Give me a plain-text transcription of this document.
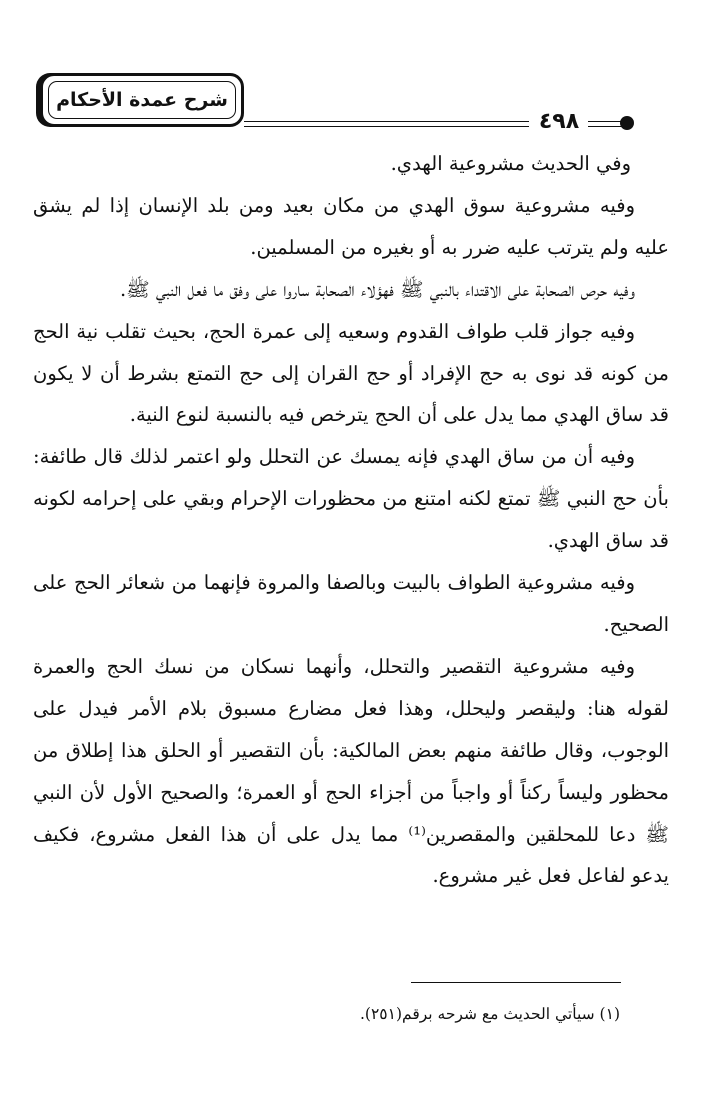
شرح عمدة الأحكام
٤٩٨

وفي الحديث مشروعية الهدي.

وفيه مشروعية سوق الهدي من مكان بعيد ومن بلد الإنسان إذا لم يشق عليه ولم يترتب عليه ضرر به أو بغيره من المسلمين.

وفيه حرص الصحابة على الاقتداء بالنبي ﷺ فهؤلاء الصحابة ساروا على وفق ما فعل النبي ﷺ.

وفيه جواز قلب طواف القدوم وسعيه إلى عمرة الحج، بحيث تقلب نية الحج من كونه قد نوى به حج الإفراد أو حج القران إلى حج التمتع بشرط أن لا يكون قد ساق الهدي مما يدل على أن الحج يترخص فيه بالنسبة لنوع النية.

وفيه أن من ساق الهدي فإنه يمسك عن التحلل ولو اعتمر لذلك قال طائفة: بأن حج النبي ﷺ تمتع لكنه امتنع من محظورات الإحرام وبقي على إحرامه لكونه قد ساق الهدي.

وفيه مشروعية الطواف بالبيت وبالصفا والمروة فإنهما من شعائر الحج على الصحيح.

وفيه مشروعية التقصير والتحلل، وأنهما نسكان من نسك الحج والعمرة لقوله هنا: وليقصر وليحلل، وهذا فعل مضارع مسبوق بلام الأمر فيدل على الوجوب، وقال طائفة منهم بعض المالكية: بأن التقصير أو الحلق هذا إطلاق من محظور وليساً ركناً أو واجباً من أجزاء الحج أو العمرة؛ والصحيح الأول لأن النبي ﷺ دعا للمحلقين والمقصرين⁽¹⁾ مما يدل على أن هذا الفعل مشروع، فكيف يدعو لفاعل فعل غير مشروع.

(١) سيأتي الحديث مع شرحه برقم(٢٥١).
